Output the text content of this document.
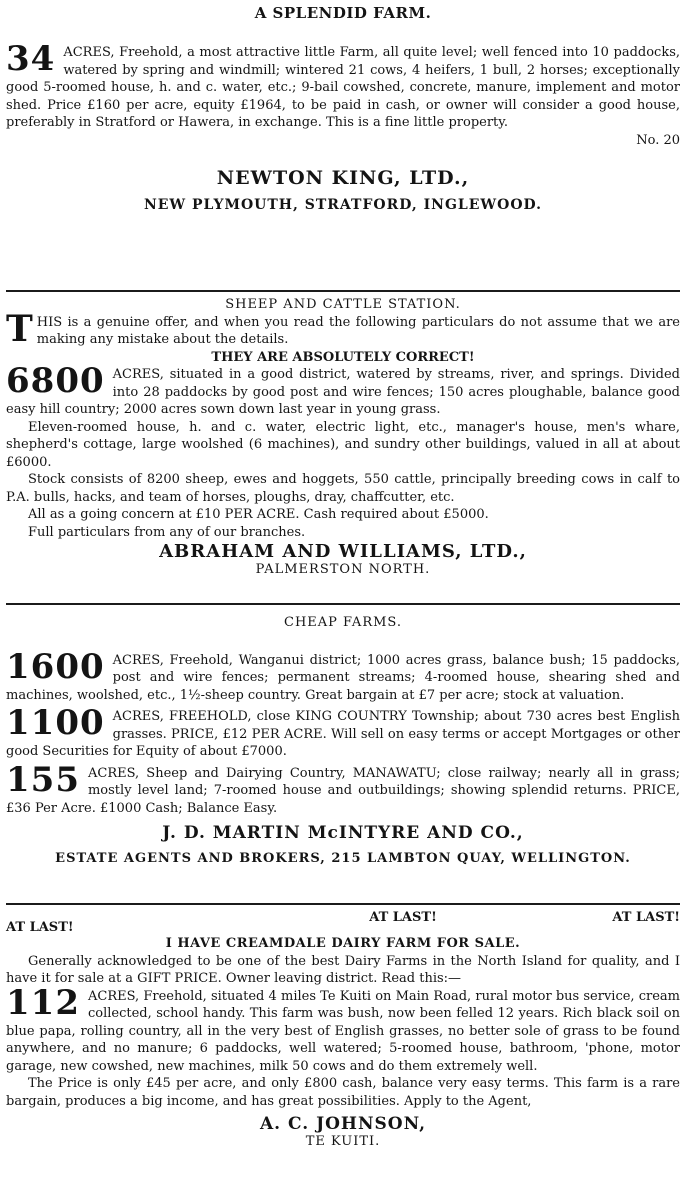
A SPLENDID FARM.

34 ACRES, Freehold, a most attractive little Farm, all quite level; well fenced into 10 paddocks, watered by spring and windmill; wintered 21 cows, 4 heifers, 1 bull, 2 horses; exceptionally good 5-roomed house, h. and c. water, etc.; 9-bail cowshed, concrete, manure, implement and motor shed. Price £160 per acre, equity £1964, to be paid in cash, or owner will consider a good house, preferably in Stratford or Hawera, in exchange. This is a fine little property.

No. 20
NEWTON KING, LTD.,
NEW PLYMOUTH, STRATFORD, INGLEWOOD.
SHEEP AND CATTLE STATION.

T HIS is a genuine offer, and when you read the following particulars do not assume that we are making any mistake about the details.

THEY ARE ABSOLUTELY CORRECT!

6800 ACRES, situated in a good district, watered by streams, river, and springs. Divided into 28 paddocks by good post and wire fences; 150 acres ploughable, balance good easy hill country; 2000 acres sown down last year in young grass.

Eleven-roomed house, h. and c. water, electric light, etc., manager's house, men's whare, shepherd's cottage, large woolshed (6 machines), and sundry other buildings, valued in all at about £6000.

Stock consists of 8200 sheep, ewes and hoggets, 550 cattle, principally breeding cows in calf to P.A. bulls, hacks, and team of horses, ploughs, dray, chaffcutter, etc.

All as a going concern at £10 PER ACRE. Cash required about £5000.

Full particulars from any of our branches.

ABRAHAM AND WILLIAMS, LTD.,
PALMERSTON NORTH.
CHEAP FARMS.

1600 ACRES, Freehold, Wanganui district; 1000 acres grass, balance bush; 15 paddocks, post and wire fences; permanent streams; 4-roomed house, shearing shed and machines, woolshed, etc., 1½-sheep country. Great bargain at £7 per acre; stock at valuation.

1100 ACRES, FREEHOLD, close KING COUNTRY Township; about 730 acres best English grasses. PRICE, £12 PER ACRE. Will sell on easy terms or accept Mortgages or other good Securities for Equity of about £7000.

155 ACRES, Sheep and Dairying Country, MANAWATU; close railway; nearly all in grass; mostly level land; 7-roomed house and outbuildings; showing splendid returns. PRICE, £36 Per Acre. £1000 Cash; Balance Easy.

J. D. MARTIN McINTYRE AND CO.,
ESTATE AGENTS AND BROKERS, 215 LAMBTON QUAY, WELLINGTON.
AT LAST!
AT LAST!	AT LAST!
I HAVE CREAMDALE DAIRY FARM FOR SALE.

Generally acknowledged to be one of the best Dairy Farms in the North Island for quality, and I have it for sale at a GIFT PRICE. Owner leaving district. Read this:—

112 ACRES, Freehold, situated 4 miles Te Kuiti on Main Road, rural motor bus service, cream collected, school handy. This farm was bush, now been felled 12 years. Rich black soil on blue papa, rolling country, all in the very best of English grasses, no better sole of grass to be found anywhere, and no manure; 6 paddocks, well watered; 5-roomed house, bathroom, 'phone, motor garage, new cowshed, new machines, milk 50 cows and do them extremely well.

The Price is only £45 per acre, and only £800 cash, balance very easy terms. This farm is a rare bargain, produces a big income, and has great possibilities. Apply to the Agent,

A. C. JOHNSON,
TE KUITI.
